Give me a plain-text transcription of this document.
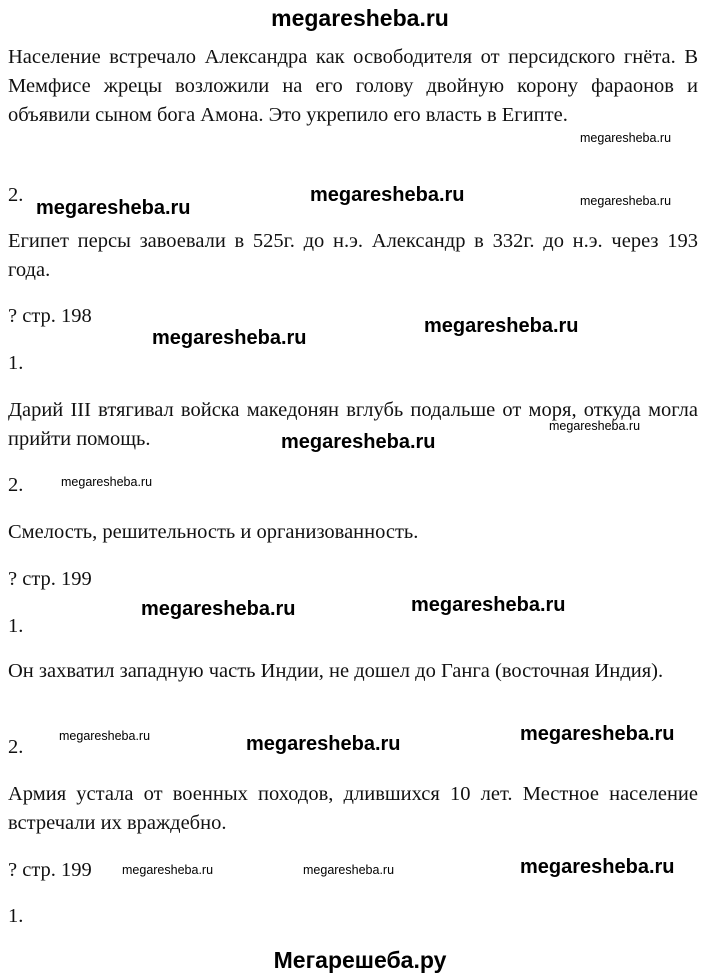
megaresheba.ru
Население встречало Александра как освободителя от персидского гнёта. В Мемфисе жрецы возложили на его голову двойную корону фараонов и объявили сыном бога Амона. Это укрепило его власть в Египте.
2.
Египет персы завоевали в 525г. до н.э. Александр в 332г. до н.э. через 193 года.
? стр. 198
1.
Дарий III втягивал войска македонян вглубь подальше от моря, откуда могла прийти помощь.
2.
Смелость, решительность и организованность.
? стр. 199
1.
Он захватил западную часть Индии, не дошел до Ганга (восточная Индия).
2.
Армия устала от военных походов, длившихся 10 лет. Местное население встречали их враждебно.
? стр. 199
1.
megaresheba.ru
megaresheba.ru	megaresheba.ru
megaresheba.ru
megaresheba.ru
megaresheba.ru
megaresheba.ru
megaresheba.ru
megaresheba.ru
megaresheba.ru
megaresheba.ru
megaresheba.ru
megaresheba.ru	megaresheba.ru
megaresheba.ru
megaresheba.ru	megaresheba.ru
Мегарешеба.ру
